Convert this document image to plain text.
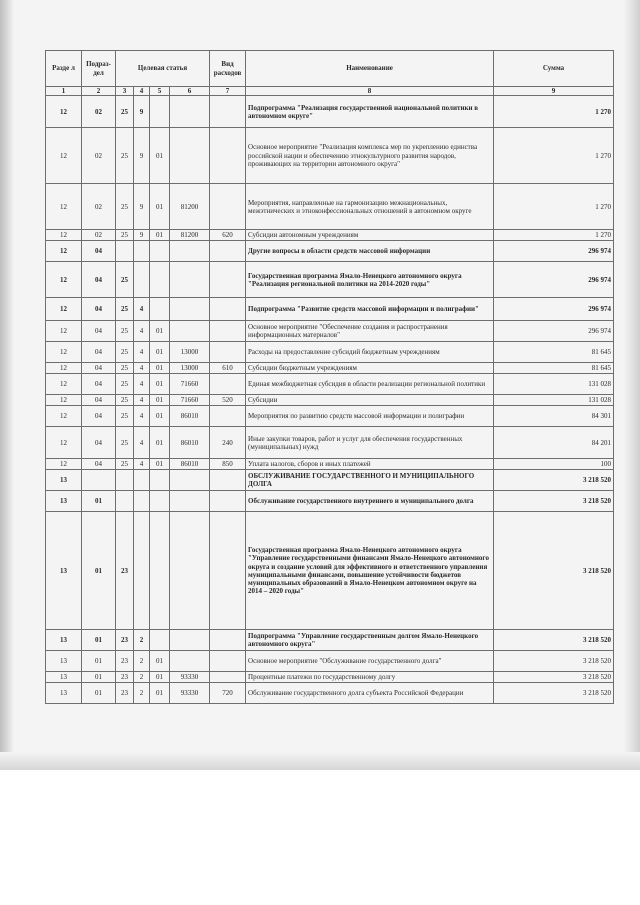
Разде л	Подраз-дел	Целевая статья				Вид расходов	Наименование	Сумма
1	2	3	4	5	6	7	8	9
12	02	25	9				Подпрограмма "Реализация государственной национальной политики в автономном округе"	1 270
12	02	25	9	01			Основное мероприятие "Реализация комплекса мер по укреплению единства российской нации и обеспечению этнокультурного развития народов, проживающих на территории автономного округа"	1 270
12	02	25	9	01	81200		Мероприятия, направленные на гармонизацию межнациональных, межэтнических и этноконфессиональных отношений в автономном округе	1 270
12	02	25	9	01	81200	620	Субсидии автономным учреждениям	1 270
12	04						Другие вопросы в области средств массовой информации	296 974
12	04	25					Государственная программа Ямало-Ненецкого автономного округа "Реализация региональной политики на 2014-2020 годы"	296 974
12	04	25	4				Подпрограмма "Развитие средств массовой информации и полиграфии"	296 974
12	04	25	4	01			Основное мероприятие "Обеспечение создания и распространения информационных материалов"	296 974
12	04	25	4	01	13000		Расходы на предоставление субсидий бюджетным учреждениям	81 645
12	04	25	4	01	13000	610	Субсидии бюджетным учреждениям	81 645
12	04	25	4	01	71660		Единая межбюджетная субсидия в области реализации региональной политики	131 028
12	04	25	4	01	71660	520	Субсидии	131 028
12	04	25	4	01	86010		Мероприятия по развитию средств массовой информации и полиграфии	84 301
12	04	25	4	01	86010	240	Иные закупки товаров, работ и услуг для обеспечения государственных (муниципальных) нужд	84 201
12	04	25	4	01	86010	850	Уплата налогов, сборов и иных платежей	100
13							ОБСЛУЖИВАНИЕ ГОСУДАРСТВЕННОГО И МУНИЦИПАЛЬНОГО ДОЛГА	3 218 520
13	01						Обслуживание государственного внутреннего и муниципального долга	3 218 520
13	01	23					Государственная программа Ямало-Ненецкого автономного округа "Управление государственными финансами Ямало-Ненецкого автономного округа и создание условий для эффективного и ответственного управления муниципальными финансами, повышение устойчивости бюджетов муниципальных образований в Ямало-Ненецком автономном округе на 2014 – 2020 годы"	3 218 520
13	01	23	2				Подпрограмма "Управление государственным долгом Ямало-Ненецкого автономного округа"	3 218 520
13	01	23	2	01			Основное мероприятие "Обслуживание государственного долга"	3 218 520
13	01	23	2	01	93330		Процентные платежи по государственному долгу	3 218 520
13	01	23	2	01	93330	720	Обслуживание государственного долга субъекта Российской Федерации	3 218 520
